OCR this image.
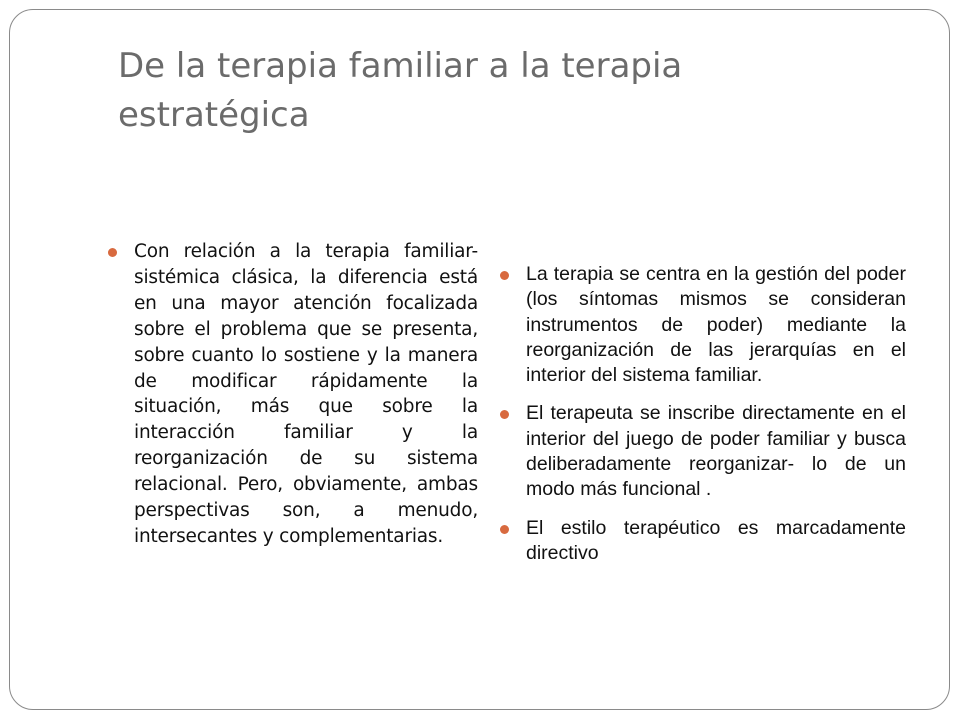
De la terapia familiar a la terapia estratégica
Con relación a la terapia familiar-sistémica clásica, la diferencia está en una mayor atención focalizada sobre el problema que se presenta, sobre cuanto lo sostiene y la manera de modificar rápidamente la situación, más que sobre la interacción familiar y la reorganización de su sistema relacional. Pero, obviamente, ambas perspectivas son, a menudo, intersecantes y complementarias.
La terapia se centra en la gestión del poder (los síntomas mismos se consideran instrumentos de poder) mediante la reorganización de las jerarquías en el interior del sistema familiar.
El terapeuta se inscribe directamente en el interior del juego de poder familiar y busca deliberadamente reorganizar- lo de un modo más funcional .
El estilo terapéutico es marcadamente directivo
